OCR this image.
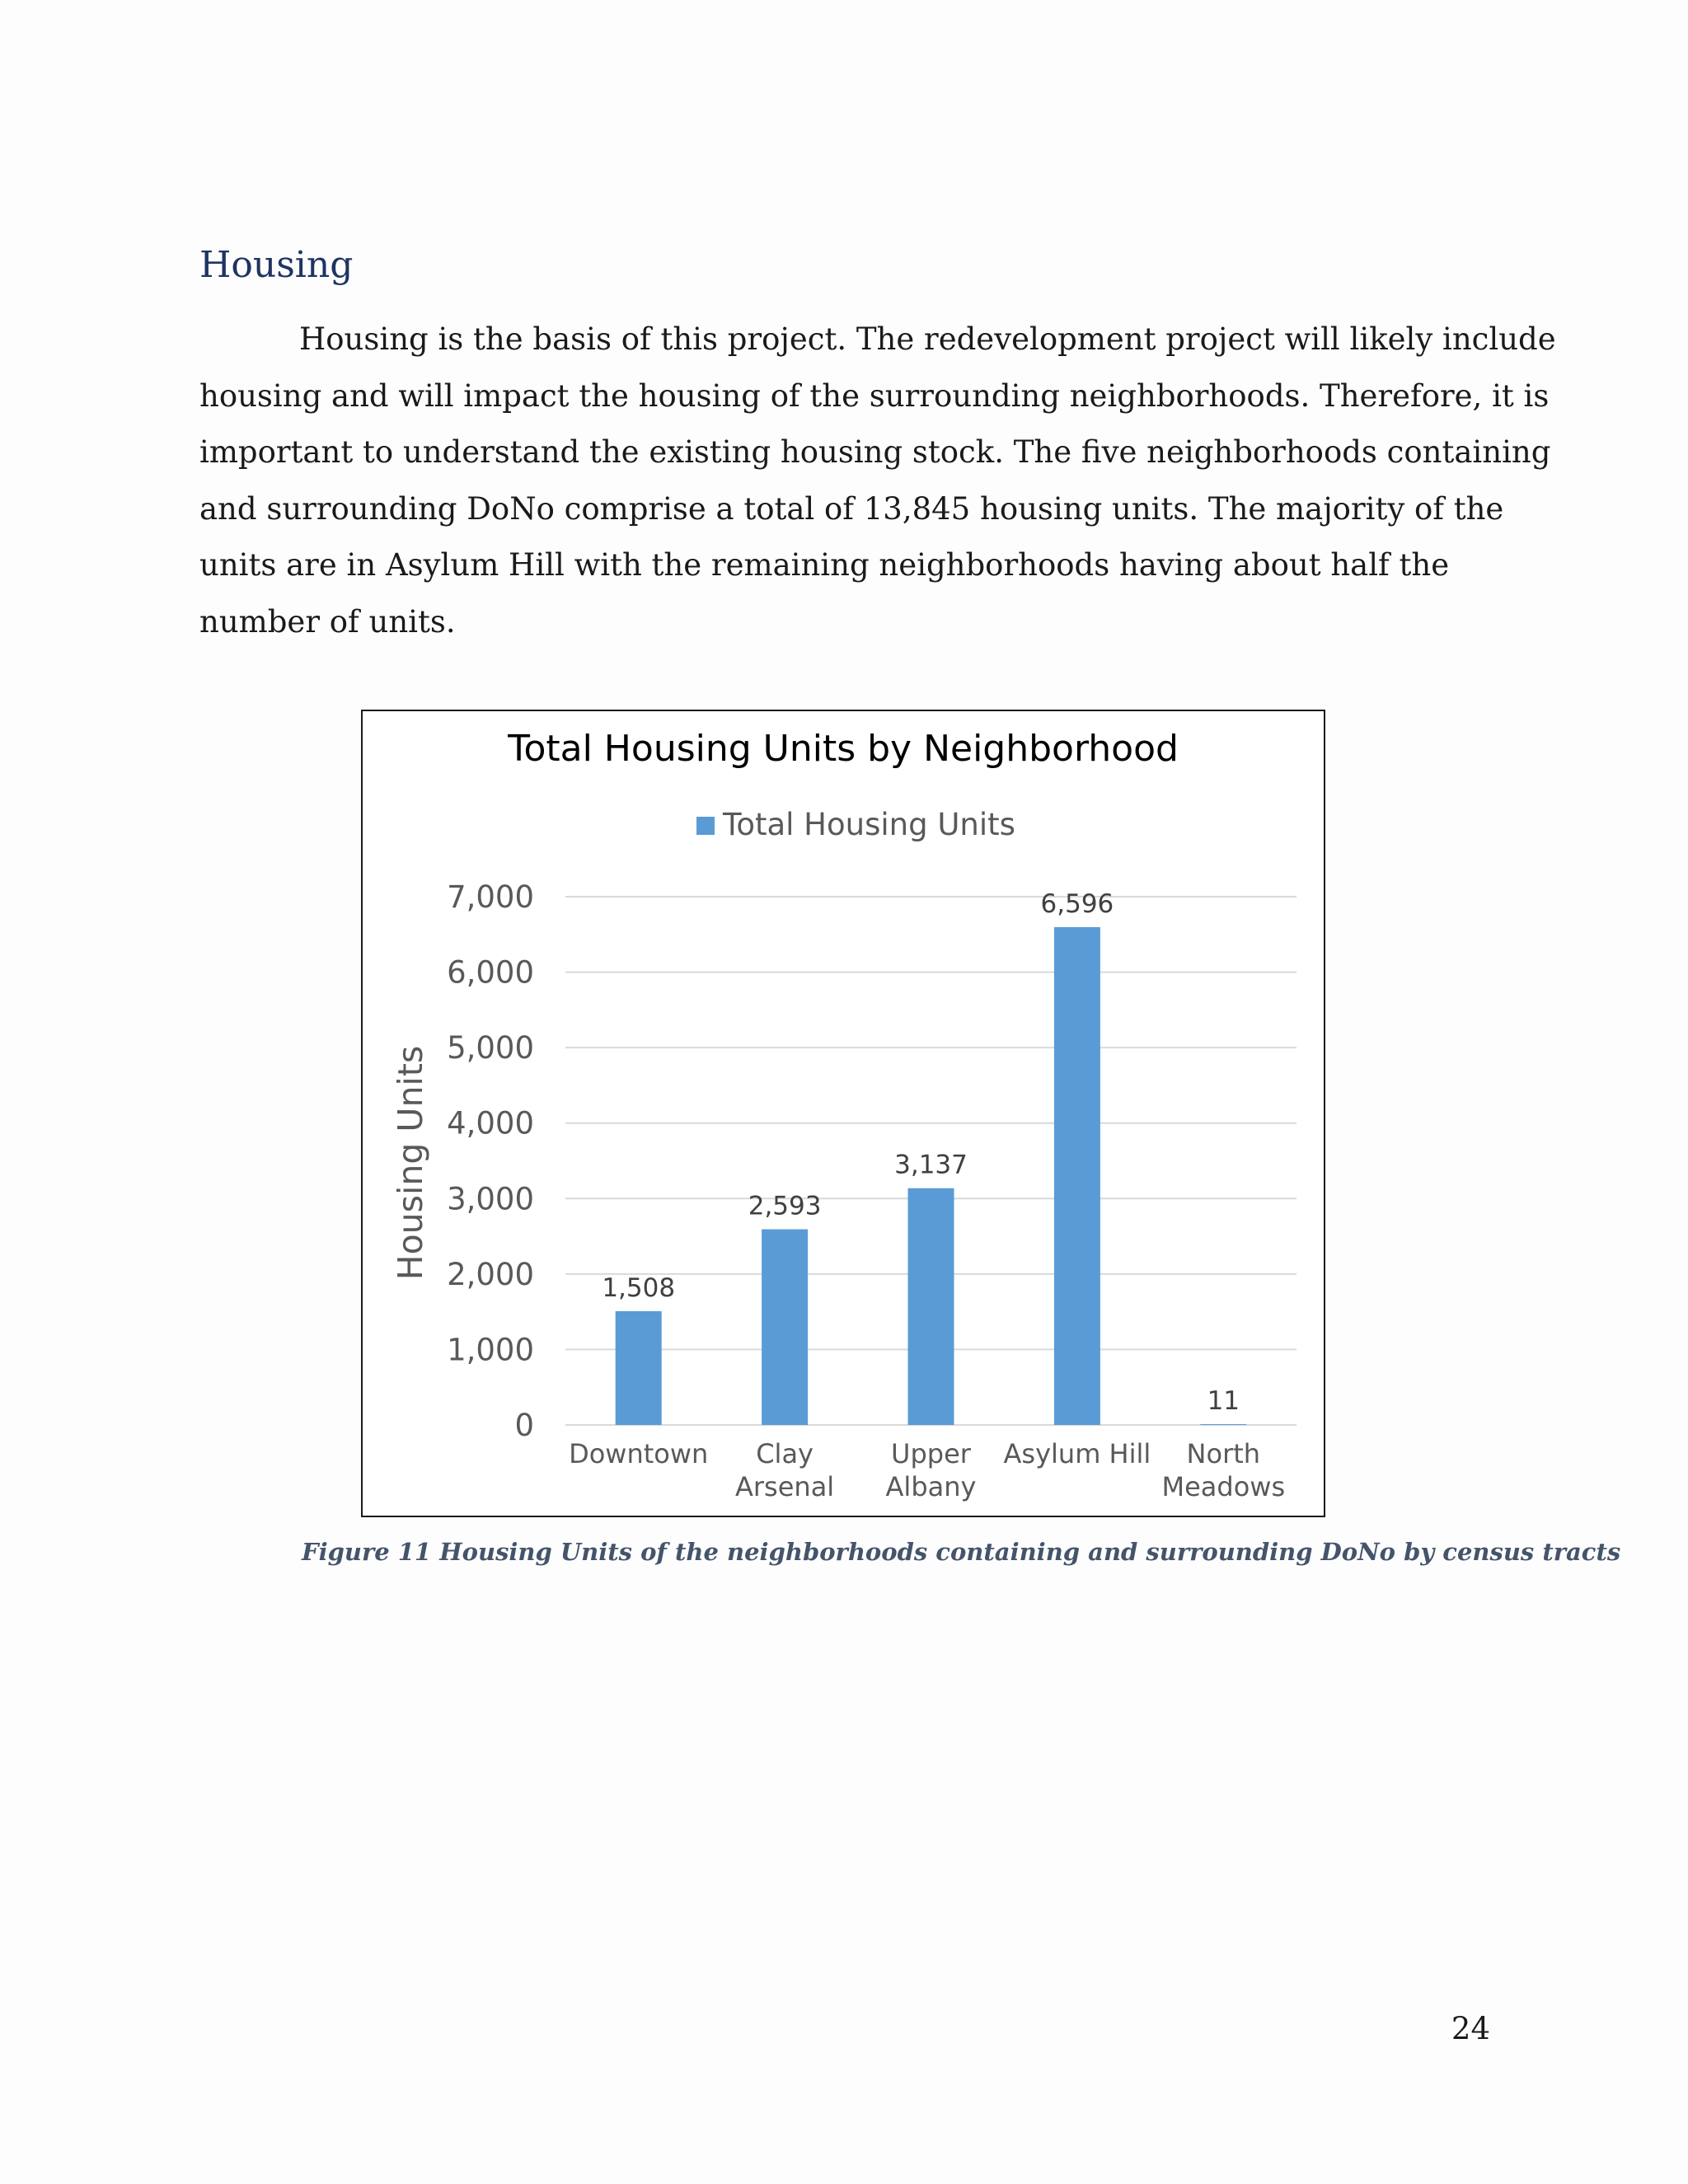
Housing
Housing is the basis of this project. The redevelopment project will likely include
housing and will impact the housing of the surrounding neighborhoods. Therefore, it is
important to understand the existing housing stock. The five neighborhoods containing
and surrounding DoNo comprise a total of 13,845 housing units. The majority of the
units are in Asylum Hill with the remaining neighborhoods having about half the
number of units.
Total Housing Units by Neighborhood
Total Housing Units
0
1,000
2,000
3,000
4,000
5,000
6,000
7,000
Housing Units
1,508
Downtown
2,593
Clay
Arsenal
3,137
Upper
Albany
6,596
Asylum Hill
11
North
Meadows
Figure 11 Housing Units of the neighborhoods containing and surrounding DoNo by census tracts
24
